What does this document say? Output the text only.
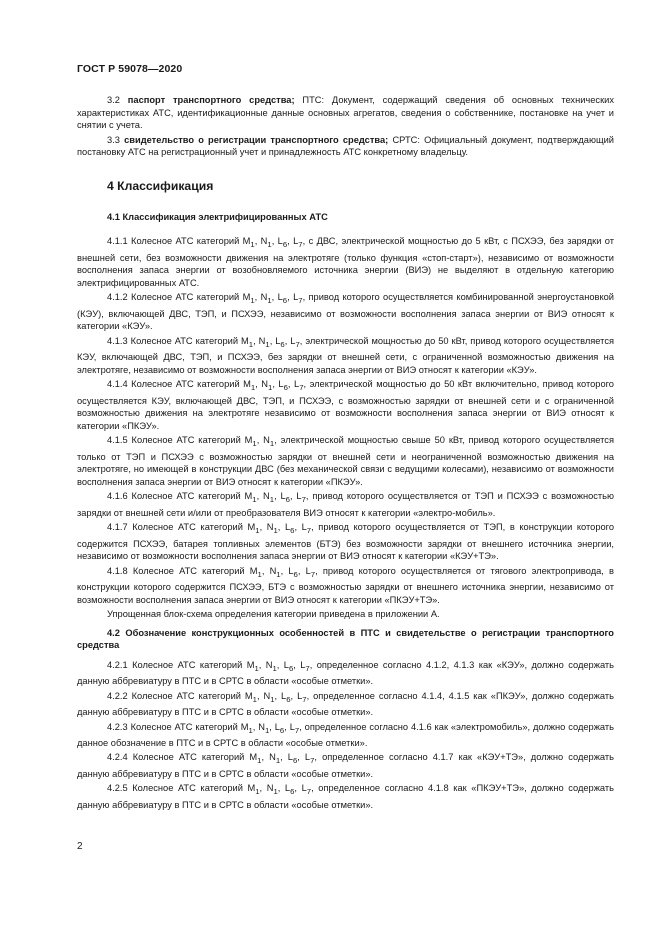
ГОСТ Р 59078—2020

3.2 паспорт транспортного средства; ПТС: Документ, содержащий сведения об основных технических характеристиках АТС, идентификационные данные основных агрегатов, сведения о собственнике, постановке на учет и снятии с учета.

3.3 свидетельство о регистрации транспортного средства; СРТС: Официальный документ, подтверждающий постановку АТС на регистрационный учет и принадлежность АТС конкретному владельцу.

4 Классификация
4.1 Классификация электрифицированных АТС

4.1.1 Колесное АТС категорий $M_1$, $N_1$, $L_6$, $L_7$, с ДВС, электрической мощностью до 5 кВт, с ПСХЭЭ, без зарядки от внешней сети, без возможности движения на электротяге (только функция «стоп-старт»), независимо от возможности восполнения запаса энергии от возобновляемого источника энергии (ВИЭ) не выделяют в отдельную категорию электрифицированных АТС.

4.1.2 Колесное АТС категорий $M_1$, $N_1$, $L_6$, $L_7$, привод которого осуществляется комбинированной энергоустановкой (КЭУ), включающей ДВС, ТЭП, и ПСХЭЭ, независимо от возможности восполнения запаса энергии от ВИЭ относят к категории «КЭУ».

4.1.3 Колесное АТС категорий $M_1$, $N_1$, $L_6$, $L_7$, электрической мощностью до 50 кВт, привод которого осуществляется КЭУ, включающей ДВС, ТЭП, и ПСХЭЭ, без зарядки от внешней сети, с ограниченной возможностью движения на электротяге, независимо от возможности восполнения запаса энергии от ВИЭ относят к категории «КЭУ».

4.1.4 Колесное АТС категорий $M_1$, $N_1$, $L_6$, $L_7$, электрической мощностью до 50 кВт включительно, привод которого осуществляется КЭУ, включающей ДВС, ТЭП, и ПСХЭЭ, с возможностью зарядки от внешней сети и с ограниченной возможностью движения на электротяге независимо от возможности восполнения запаса энергии от ВИЭ относят к категории «ПКЭУ».

4.1.5 Колесное АТС категорий $M_1$, $N_1$, электрической мощностью свыше 50 кВт, привод которого осуществляется только от ТЭП и ПСХЭЭ с возможностью зарядки от внешней сети и неограниченной возможностью движения на электротяге, но имеющей в конструкции ДВС (без механической связи с ведущими колесами), независимо от возможности восполнения запаса энергии от ВИЭ относят к категории «ПКЭУ».

4.1.6 Колесное АТС категорий $M_1$, $N_1$, $L_6$, $L_7$, привод которого осуществляется от ТЭП и ПСХЭЭ с возможностью зарядки от внешней сети и/или от преобразователя ВИЭ относят к категории «электро-мобиль».

4.1.7 Колесное АТС категорий $M_1$, $N_1$, $L_6$, $L_7$, привод которого осуществляется от ТЭП, в конструкции которого содержится ПСХЭЭ, батарея топливных элементов (БТЭ) без возможности зарядки от внешнего источника энергии, независимо от возможности восполнения запаса энергии от ВИЭ относят к категории «КЭУ+ТЭ».

4.1.8 Колесное АТС категорий $M_1$, $N_1$, $L_6$, $L_7$, привод которого осуществляется от тягового электропривода, в конструкции которого содержится ПСХЭЭ, БТЭ с возможностью зарядки от внешнего источника энергии, независимо от возможности восполнения запаса энергии от ВИЭ относят к категории «ПКЭУ+ТЭ».

Упрощенная блок-схема определения категории приведена в приложении А.

4.2 Обозначение конструкционных особенностей в ПТС и свидетельстве о регистрации транспортного средства

4.2.1 Колесное АТС категорий $M_1$, $N_1$, $L_6$, $L_7$, определенное согласно 4.1.2, 4.1.3 как «КЭУ», должно содержать данную аббревиатуру в ПТС и в СРТС в области «особые отметки».

4.2.2 Колесное АТС категорий $M_1$, $N_1$, $L_6$, $L_7$, определенное согласно 4.1.4, 4.1.5 как «ПКЭУ», должно содержать данную аббревиатуру в ПТС и в СРТС в области «особые отметки».

4.2.3 Колесное АТС категорий $M_1$, $N_1$, $L_6$, $L_7$, определенное согласно 4.1.6 как «электромобиль», должно содержать данное обозначение в ПТС и в СРТС в области «особые отметки».

4.2.4 Колесное АТС категорий $M_1$, $N_1$, $L_6$, $L_7$, определенное согласно 4.1.7 как «КЭУ+ТЭ», должно содержать данную аббревиатуру в ПТС и в СРТС в области «особые отметки».

4.2.5 Колесное АТС категорий $M_1$, $N_1$, $L_6$, $L_7$, определенное согласно 4.1.8 как «ПКЭУ+ТЭ», должно содержать данную аббревиатуру в ПТС и в СРТС в области «особые отметки».

2
